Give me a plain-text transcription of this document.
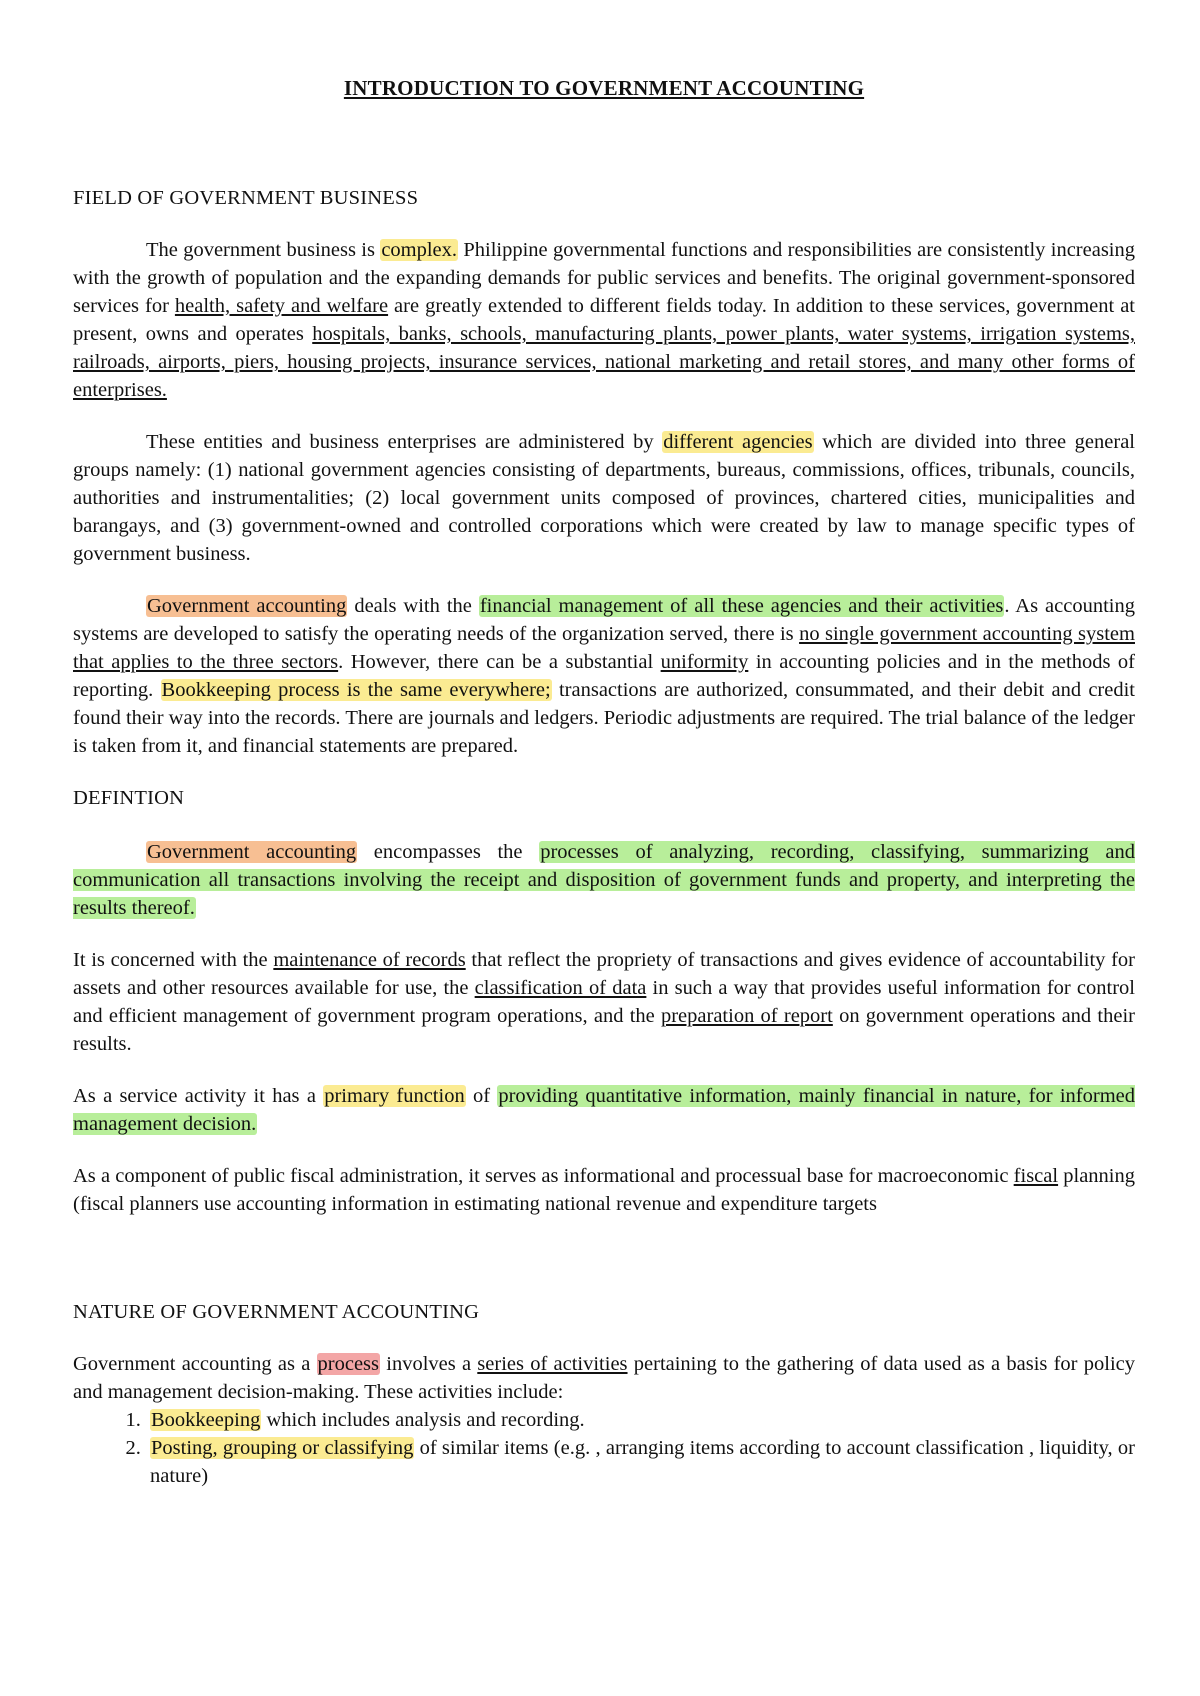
INTRODUCTION TO GOVERNMENT ACCOUNTING
FIELD OF GOVERNMENT BUSINESS

The government business is complex. Philippine governmental functions and responsibilities are consistently increasing with the growth of population and the expanding demands for public services and benefits. The original government-sponsored services for health, safety and welfare are greatly extended to different fields today. In addition to these services, government at present, owns and operates hospitals, banks, schools, manufacturing plants, power plants, water systems, irrigation systems, railroads, airports, piers, housing projects, insurance services, national marketing and retail stores, and many other forms of enterprises.

These entities and business enterprises are administered by different agencies which are divided into three general groups namely: (1) national government agencies consisting of departments, bureaus, commissions, offices, tribunals, councils, authorities and instrumentalities; (2) local government units composed of provinces, chartered cities, municipalities and barangays, and (3) government-owned and controlled corporations which were created by law to manage specific types of government business.

Government accounting deals with the financial management of all these agencies and their activities. As accounting systems are developed to satisfy the operating needs of the organization served, there is no single government accounting system that applies to the three sectors. However, there can be a substantial uniformity in accounting policies and in the methods of reporting. Bookkeeping process is the same everywhere; transactions are authorized, consummated, and their debit and credit found their way into the records. There are journals and ledgers. Periodic adjustments are required. The trial balance of the ledger is taken from it, and financial statements are prepared.

DEFINTION

Government accounting encompasses the processes of analyzing, recording, classifying, summarizing and communication all transactions involving the receipt and disposition of government funds and property, and interpreting the results thereof.

It is concerned with the maintenance of records that reflect the propriety of transactions and gives evidence of accountability for assets and other resources available for use, the classification of data in such a way that provides useful information for control and efficient management of government program operations, and the preparation of report on government operations and their results.

As a service activity it has a primary function of providing quantitative information, mainly financial in nature, for informed management decision.

As a component of public fiscal administration, it serves as informational and processual base for macroeconomic fiscal planning (fiscal planners use accounting information in estimating national revenue and expenditure targets

NATURE OF GOVERNMENT ACCOUNTING

Government accounting as a process involves a series of activities pertaining to the gathering of data used as a basis for policy and management decision-making. These activities include:

1. Bookkeeping which includes analysis and recording.
2. Posting, grouping or classifying of similar items (e.g. , arranging items according to account classification , liquidity, or nature)
